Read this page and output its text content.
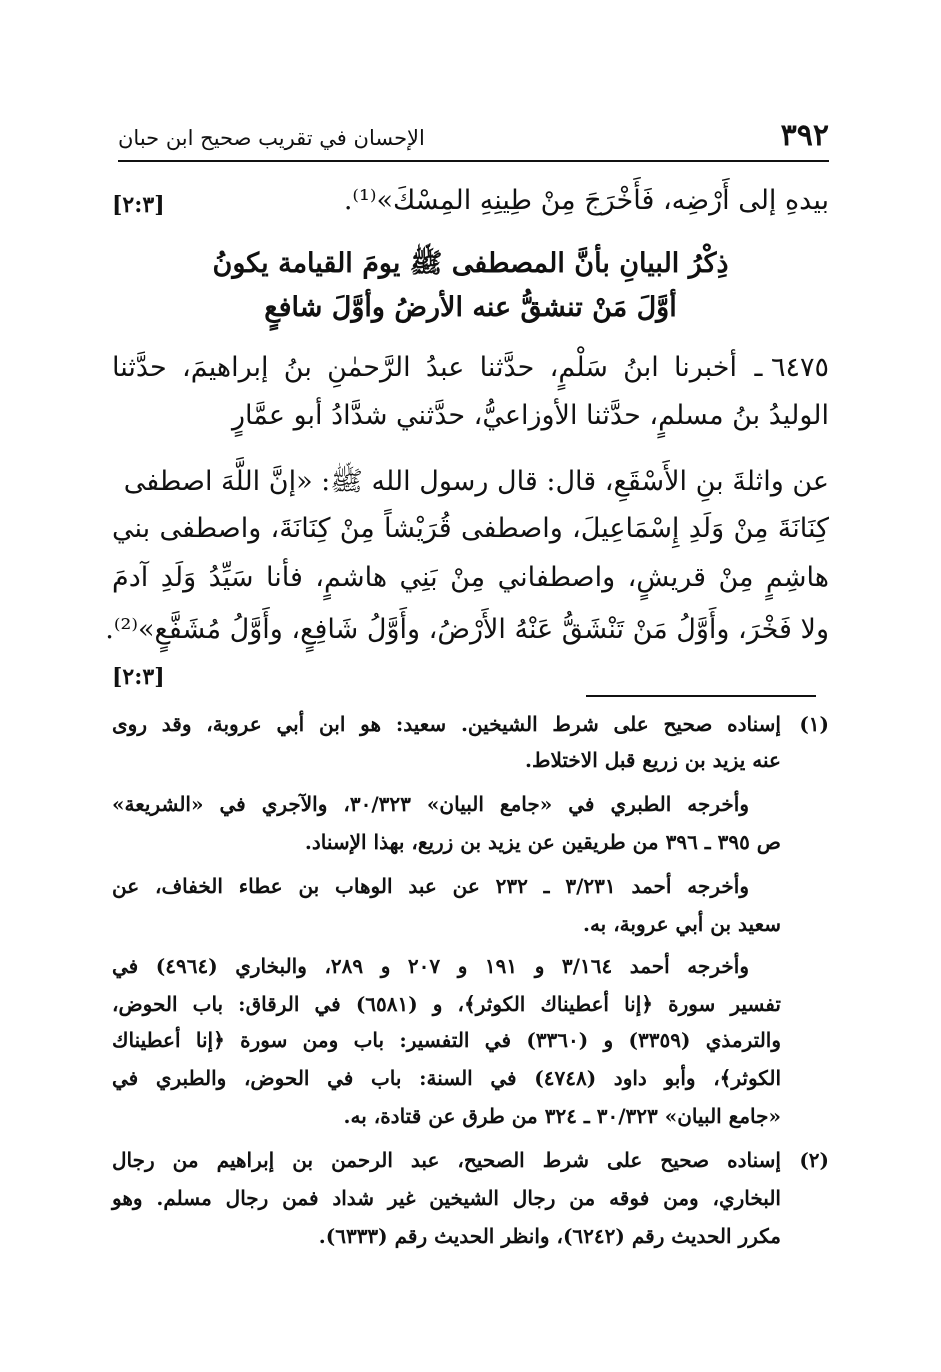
٣٩٢
الإحسان في تقريب صحيح ابن حبان
بيدهِ إلى أَرْضِه، فَأَخْرَجَ مِنْ طِينِهِ المِسْكَ»⁽¹⁾.
[٢:٣]
ذِكْرُ البيانِ بأنَّ المصطفى ﷺ يومَ القيامة يكونُ
أوَّلَ مَنْ تنشقُّ عنه الأرضُ وأوَّلَ شافعٍ
٦٤٧٥ ـ
أخبرنا ابنُ سَلْمٍ، حدَّثنا عبدُ الرَّحمٰنِ بنُ إبراهيمَ، حدَّثنا
الوليدُ بنُ مسلمٍ، حدَّثنا الأوزاعيُّ، حدَّثني شدَّادُ أبو عمَّارٍ
عن واثلةَ بنِ الأَسْقَعِ، قال: قال رسول الله ﷺ: «إنَّ اللَّهَ اصطفى
كِنَانَةَ مِنْ وَلَدِ إِسْمَاعِيلَ، واصطفى قُرَيْشاً مِنْ كِنَانَةَ، واصطفى بني
هاشِمٍ مِنْ قريشٍ، واصطفاني مِنْ بَنِي هاشمٍ، فأنا سَيِّدُ وَلَدِ آدمَ
ولا فَخْرَ، وأَوَّلُ مَنْ تَنْشَقُّ عَنْهُ الأَرْضُ، وأَوَّلُ شَافِعٍ، وأَوَّلُ مُشَفَّعٍ»⁽²⁾.
[٢:٣]
(١)
إسناده صحيح على شرط الشيخين. سعيد: هو ابن أبي عروبة، وقد روى
عنه يزيد بن زريع قبل الاختلاط.
وأخرجه الطبري في «جامع البيان» ٣٠/٣٢٣، والآجري في «الشريعة»
ص ٣٩٥ ـ ٣٩٦ من طريقين عن يزيد بن زريع، بهذا الإسناد.
وأخرجه أحمد ٣/٢٣١ ـ ٢٣٢ عن عبد الوهاب بن عطاء الخفاف، عن
سعيد بن أبي عروبة، به.
وأخرجه أحمد ٣/١٦٤ و ١٩١ و ٢٠٧ و ٢٨٩، والبخاري (٤٩٦٤) في
تفسير سورة ﴿إنا أعطيناك الكوثر﴾، و (٦٥٨١) في الرقاق: باب الحوض،
والترمذي (٣٣٥٩) و (٣٣٦٠) في التفسير: باب ومن سورة ﴿إنا أعطيناك
الكوثر﴾، وأبو داود (٤٧٤٨) في السنة: باب في الحوض، والطبري في
«جامع البيان» ٣٠/٣٢٣ ـ ٣٢٤ من طرق عن قتادة، به.
(٢)
إسناده صحيح على شرط الصحيح، عبد الرحمن بن إبراهيم من رجال
البخاري، ومن فوقه من رجال الشيخين غير شداد فمن رجال مسلم. وهو
مكرر الحديث رقم (٦٢٤٢)، وانظر الحديث رقم (٦٣٣٣).
